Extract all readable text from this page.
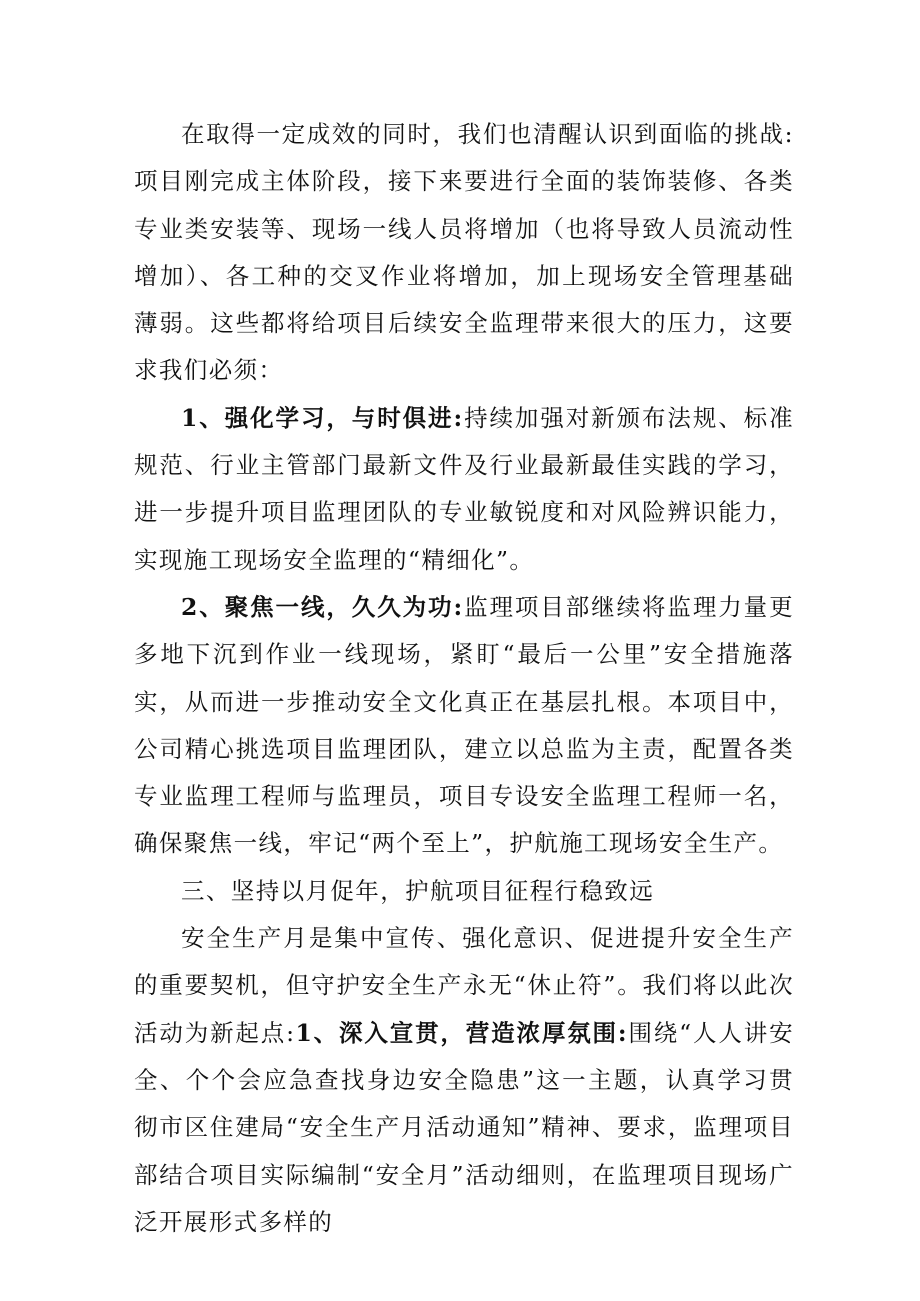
在取得一定成效的同时，我们也清醒认识到面临的挑战:项目刚完成主体阶段，接下来要进行全面的装饰装修、各类专业类安装等、现场一线人员将增加（也将导致人员流动性增加）、各工种的交叉作业将增加，加上现场安全管理基础薄弱。这些都将给项目后续安全监理带来很大的压力，这要求我们必须：

1、强化学习，与时俱进:持续加强对新颁布法规、标准规范、行业主管部门最新文件及行业最新最佳实践的学习，进一步提升项目监理团队的专业敏锐度和对风险辨识能力，实现施工现场安全监理的“精细化”。

2、聚焦一线，久久为功:监理项目部继续将监理力量更多地下沉到作业一线现场，紧盯“最后一公里”安全措施落实，从而进一步推动安全文化真正在基层扎根。本项目中，公司精心挑选项目监理团队，建立以总监为主责，配置各类专业监理工程师与监理员，项目专设安全监理工程师一名，确保聚焦一线，牢记“两个至上”，护航施工现场安全生产。

三、坚持以月促年，护航项目征程行稳致远

安全生产月是集中宣传、强化意识、促进提升安全生产的重要契机，但守护安全生产永无“休止符”。我们将以此次活动为新起点:1、深入宣贯，营造浓厚氛围:围绕“人人讲安全、个个会应急查找身边安全隐患”这一主题，认真学习贯彻市区住建局“安全生产月活动通知”精神、要求，监理项目部结合项目实际编制“安全月”活动细则，在监理项目现场广泛开展形式多样的
